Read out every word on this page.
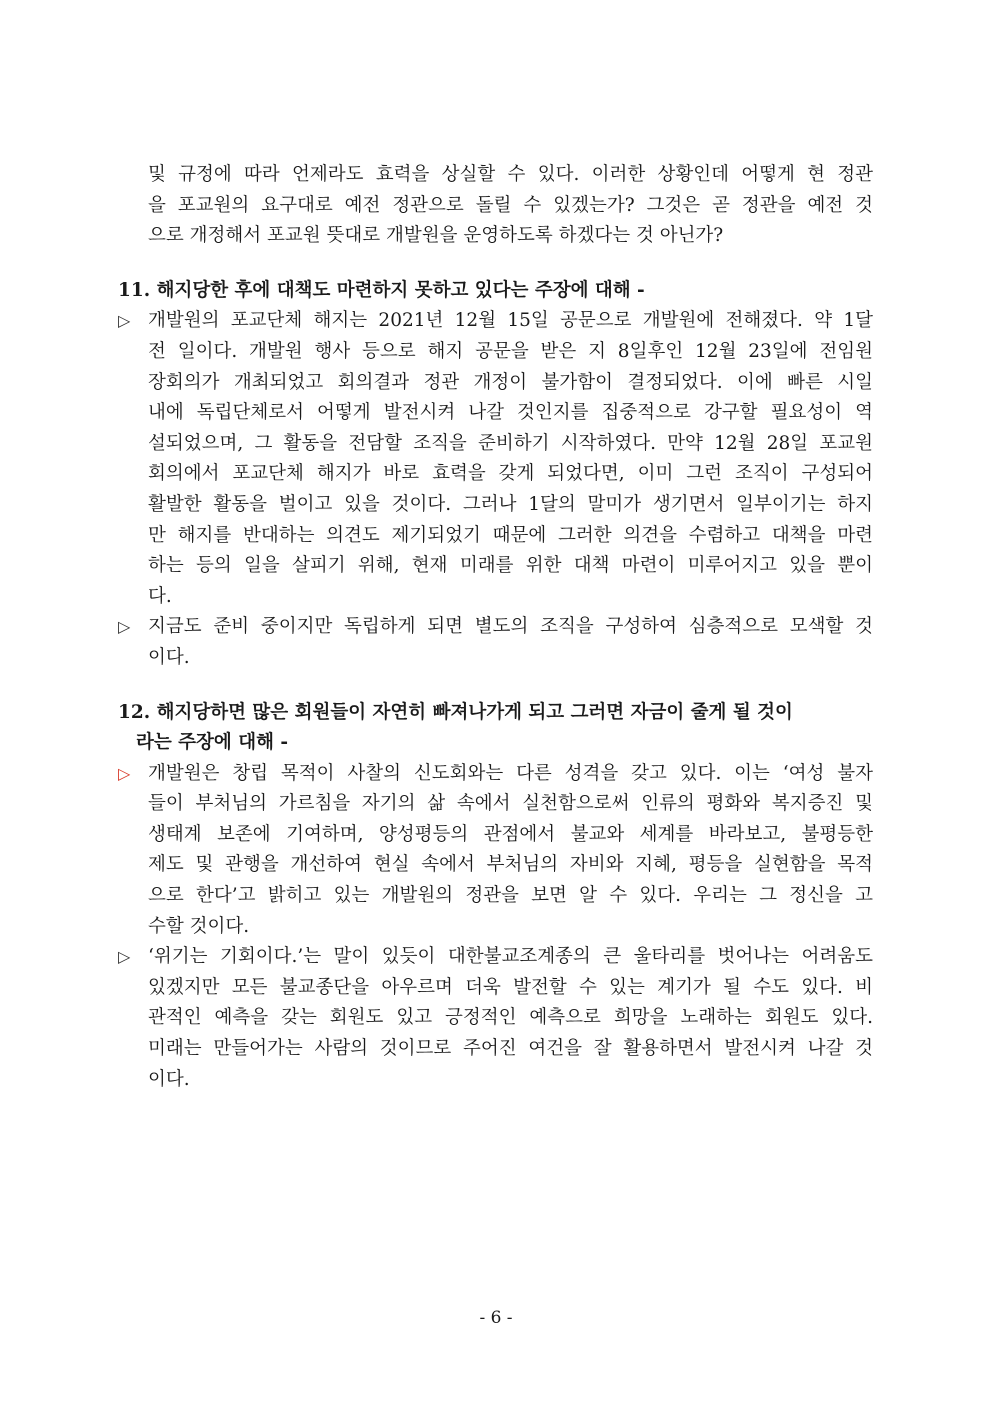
및 규정에 따라 언제라도 효력을 상실할 수 있다. 이러한 상황인데 어떻게 현 정관
을 포교원의 요구대로 예전 정관으로 돌릴 수 있겠는가? 그것은 곧 정관을 예전 것
으로 개정해서 포교원 뜻대로 개발원을 운영하도록 하겠다는 것 아닌가?
11. 해지당한 후에 대책도 마련하지 못하고 있다는 주장에 대해 -
▷ 개발원의 포교단체 해지는 2021년 12월 15일 공문으로 개발원에 전해졌다. 약 1달
전 일이다. 개발원 행사 등으로 해지 공문을 받은 지 8일후인 12월 23일에 전임원
장회의가 개최되었고 회의결과 정관 개정이 불가함이 결정되었다. 이에 빠른 시일
내에 독립단체로서 어떻게 발전시켜 나갈 것인지를 집중적으로 강구할 필요성이 역
설되었으며, 그 활동을 전담할 조직을 준비하기 시작하였다. 만약 12월 28일 포교원
회의에서 포교단체 해지가 바로 효력을 갖게 되었다면, 이미 그런 조직이 구성되어
활발한 활동을 벌이고 있을 것이다. 그러나 1달의 말미가 생기면서 일부이기는 하지
만 해지를 반대하는 의견도 제기되었기 때문에 그러한 의견을 수렴하고 대책을 마련
하는 등의 일을 살피기 위해, 현재 미래를 위한 대책 마련이 미루어지고 있을 뿐이
다.
▷ 지금도 준비 중이지만 독립하게 되면 별도의 조직을 구성하여 심층적으로 모색할 것
이다.
12. 해지당하면 많은 회원들이 자연히 빠져나가게 되고 그러면 자금이 줄게 될 것이
라는 주장에 대해 -
▷ 개발원은 창립 목적이 사찰의 신도회와는 다른 성격을 갖고 있다. 이는 ‘여성 불자
들이 부처님의 가르침을 자기의 삶 속에서 실천함으로써 인류의 평화와 복지증진 및
생태계 보존에 기여하며, 양성평등의 관점에서 불교와 세계를 바라보고, 불평등한
제도 및 관행을 개선하여 현실 속에서 부처님의 자비와 지혜, 평등을 실현함을 목적
으로 한다’고 밝히고 있는 개발원의 정관을 보면 알 수 있다. 우리는 그 정신을 고
수할 것이다.
▷ ‘위기는 기회이다.’는 말이 있듯이 대한불교조계종의 큰 울타리를 벗어나는 어려움도
있겠지만 모든 불교종단을 아우르며 더욱 발전할 수 있는 계기가 될 수도 있다. 비
관적인 예측을 갖는 회원도 있고 긍정적인 예측으로 희망을 노래하는 회원도 있다.
미래는 만들어가는 사람의 것이므로 주어진 여건을 잘 활용하면서 발전시켜 나갈 것
이다.
- 6 -
